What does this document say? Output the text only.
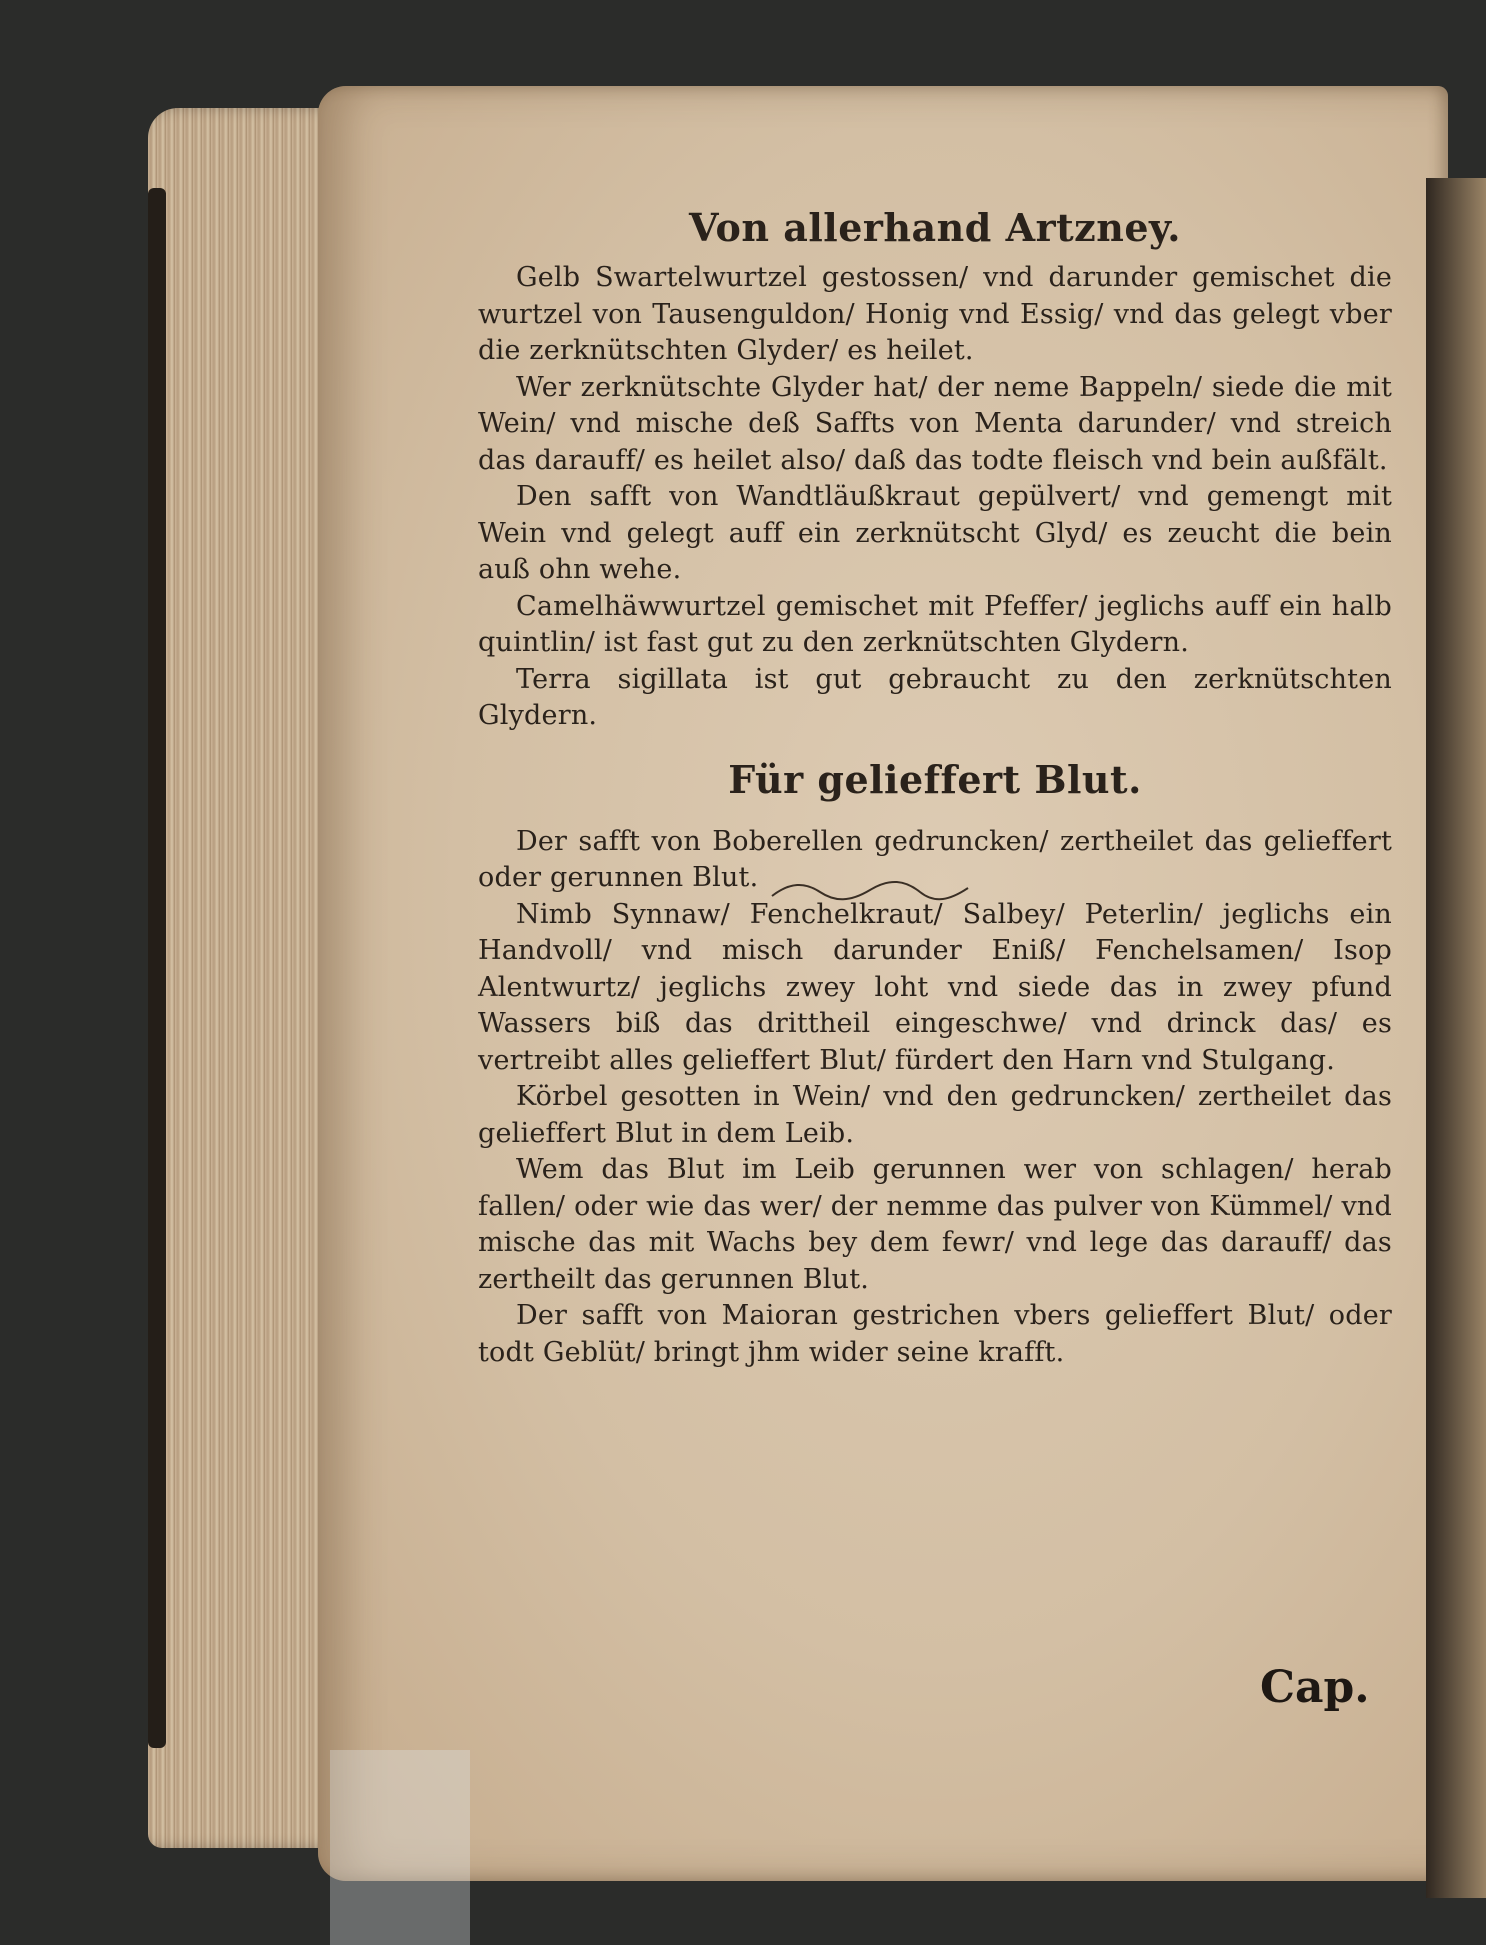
Von allerhand Artzney.

Gelb Swartelwurtzel gestossen/ vnd darunder gemischet die wurtzel von Tausenguldon/ Honig vnd Essig/ vnd das gelegt vber die zerknütschten Glyder/ es heilet.

Wer zerknütschte Glyder hat/ der neme Bappeln/ siede die mit Wein/ vnd mische deß Saffts von Menta darunder/ vnd streich das darauff/ es heilet also/ daß das todte fleisch vnd bein außfält.

Den safft von Wandtläußkraut gepülvert/ vnd gemengt mit Wein vnd gelegt auff ein zerknütscht Glyd/ es zeucht die bein auß ohn wehe.

Camelhäwwurtzel gemischet mit Pfeffer/ jeglichs auff ein halb quintlin/ ist fast gut zu den zerknütschten Glydern.

Terra sigillata ist gut gebraucht zu den zerknütschten Glydern.

Für gelieffert Blut.

Der safft von Boberellen gedruncken/ zertheilet das gelieffert oder gerunnen Blut.

Nimb Synnaw/ Fenchelkraut/ Salbey/ Peterlin/ jeglichs ein Handvoll/ vnd misch darunder Eniß/ Fenchelsamen/ Isop Alentwurtz/ jeglichs zwey loht vnd siede das in zwey pfund Wassers biß das drittheil eingeschwe/ vnd drinck das/ es vertreibt alles gelieffert Blut/ fürdert den Harn vnd Stulgang.

Körbel gesotten in Wein/ vnd den gedruncken/ zertheilet das gelieffert Blut in dem Leib.

Wem das Blut im Leib gerunnen wer von schlagen/ herab fallen/ oder wie das wer/ der nemme das pulver von Kümmel/ vnd mische das mit Wachs bey dem fewr/ vnd lege das darauff/ das zertheilt das gerunnen Blut.

Der safft von Maioran gestrichen vbers gelieffert Blut/ oder todt Geblüt/ bringt jhm wider seine krafft.

Cap.
